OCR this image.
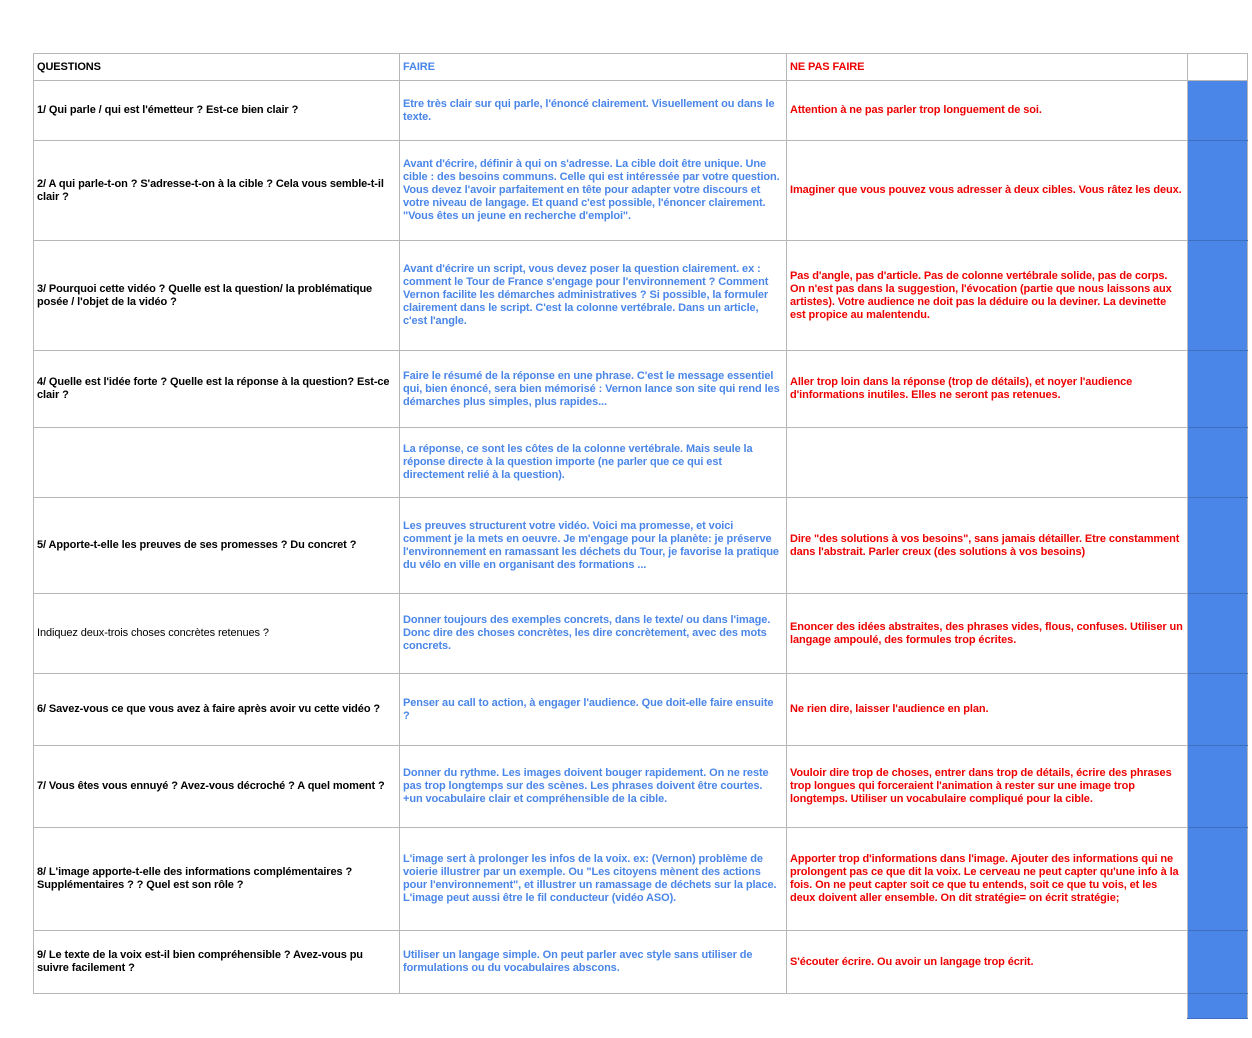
QUESTIONS	FAIRE	NE PAS FAIRE	
1/ Qui parle / qui est l'émetteur ? Est-ce bien clair ?	Etre très clair sur qui parle, l'énoncé clairement. Visuellement ou dans le texte.	Attention à ne pas parler trop longuement de soi.	
2/ A qui parle-t-on ? S'adresse-t-on à la cible ? Cela vous semble-t-il clair ?	Avant d'écrire, définir à qui on s'adresse. La cible doit être unique. Une cible : des besoins communs. Celle qui est intéressée par votre question. Vous devez l'avoir parfaitement en tête pour adapter votre discours et votre niveau de langage. Et quand c'est possible, l'énoncer clairement. "Vous êtes un jeune en recherche d'emploi".	Imaginer que vous pouvez vous adresser à deux cibles. Vous râtez les deux.	
3/ Pourquoi cette vidéo ? Quelle est la question/ la problématique posée / l'objet de la vidéo ?	Avant d'écrire un script, vous devez poser la question clairement. ex : comment le Tour de France s'engage pour l'environnement ? Comment Vernon facilite les démarches administratives ? Si possible, la formuler clairement dans le script. C'est la colonne vertébrale. Dans un article, c'est l'angle.	Pas d'angle, pas d'article. Pas de colonne vertébrale solide, pas de corps. On n'est pas dans la suggestion, l'évocation (partie que nous laissons aux artistes). Votre audience ne doit pas la déduire ou la deviner. La devinette est propice au malentendu.	
4/ Quelle est l'idée forte ? Quelle est la réponse à la question? Est-ce clair ?	Faire le résumé de la réponse en une phrase. C'est le message essentiel qui, bien énoncé, sera bien mémorisé : Vernon lance son site qui rend les démarches plus simples, plus rapides...	Aller trop loin dans la réponse (trop de détails), et noyer l'audience d'informations inutiles. Elles ne seront pas retenues.	
	La réponse, ce sont les côtes de la colonne vertébrale. Mais seule la réponse directe à la question importe (ne parler que ce qui est directement relié à la question).		
5/ Apporte-t-elle les preuves de ses promesses ? Du concret ?	Les preuves structurent votre vidéo. Voici ma promesse, et voici comment je la mets en oeuvre. Je m'engage pour la planète: je préserve l'environnement en ramassant les déchets du Tour, je favorise la pratique du vélo en ville en organisant des formations ...	Dire "des solutions à vos besoins", sans jamais détailler. Etre constamment dans l'abstrait. Parler creux (des solutions à vos besoins)	
Indiquez deux-trois choses concrètes retenues ?	Donner toujours des exemples concrets, dans le texte/ ou dans l'image. Donc dire des choses concrètes, les dire concrètement, avec des mots concrets.	Enoncer des idées abstraites, des phrases vides, flous, confuses. Utiliser un langage ampoulé, des formules trop écrites.	
6/ Savez-vous ce que vous avez à faire après avoir vu cette vidéo ?	Penser au call to action, à engager l'audience. Que doit-elle faire ensuite ?	Ne rien dire, laisser l'audience en plan.	
7/ Vous êtes vous ennuyé ? Avez-vous décroché ? A quel moment ?	Donner du rythme. Les images doivent bouger rapidement. On ne reste pas trop longtemps sur des scènes. Les phrases doivent être courtes. +un vocabulaire clair et compréhensible de la cible.	Vouloir dire trop de choses, entrer dans trop de détails, écrire des phrases trop longues qui forceraient l'animation à rester sur une image trop longtemps. Utiliser un vocabulaire compliqué pour la cible.	
8/ L'image apporte-t-elle des informations complémentaires ? Supplémentaires ? ? Quel est son rôle ?	L'image sert à prolonger les infos de la voix. ex: (Vernon) problème de voierie illustrer par un exemple. Ou "Les citoyens mènent des actions pour l'environnement", et illustrer un ramassage de déchets sur la place. L'image peut aussi être le fil conducteur (vidéo ASO).	Apporter trop d'informations dans l'image. Ajouter des informations qui ne prolongent pas ce que dit la voix. Le cerveau ne peut capter qu'une info à la fois. On ne peut capter soit ce que tu entends, soit ce que tu vois, et les deux doivent aller ensemble. On dit stratégie= on écrit stratégie;	
9/ Le texte de la voix est-il bien compréhensible ? Avez-vous pu suivre facilement ?	Utiliser un langage simple. On peut parler avec style sans utiliser de formulations ou du vocabulaires abscons.	S'écouter écrire. Ou avoir un langage trop écrit.	
